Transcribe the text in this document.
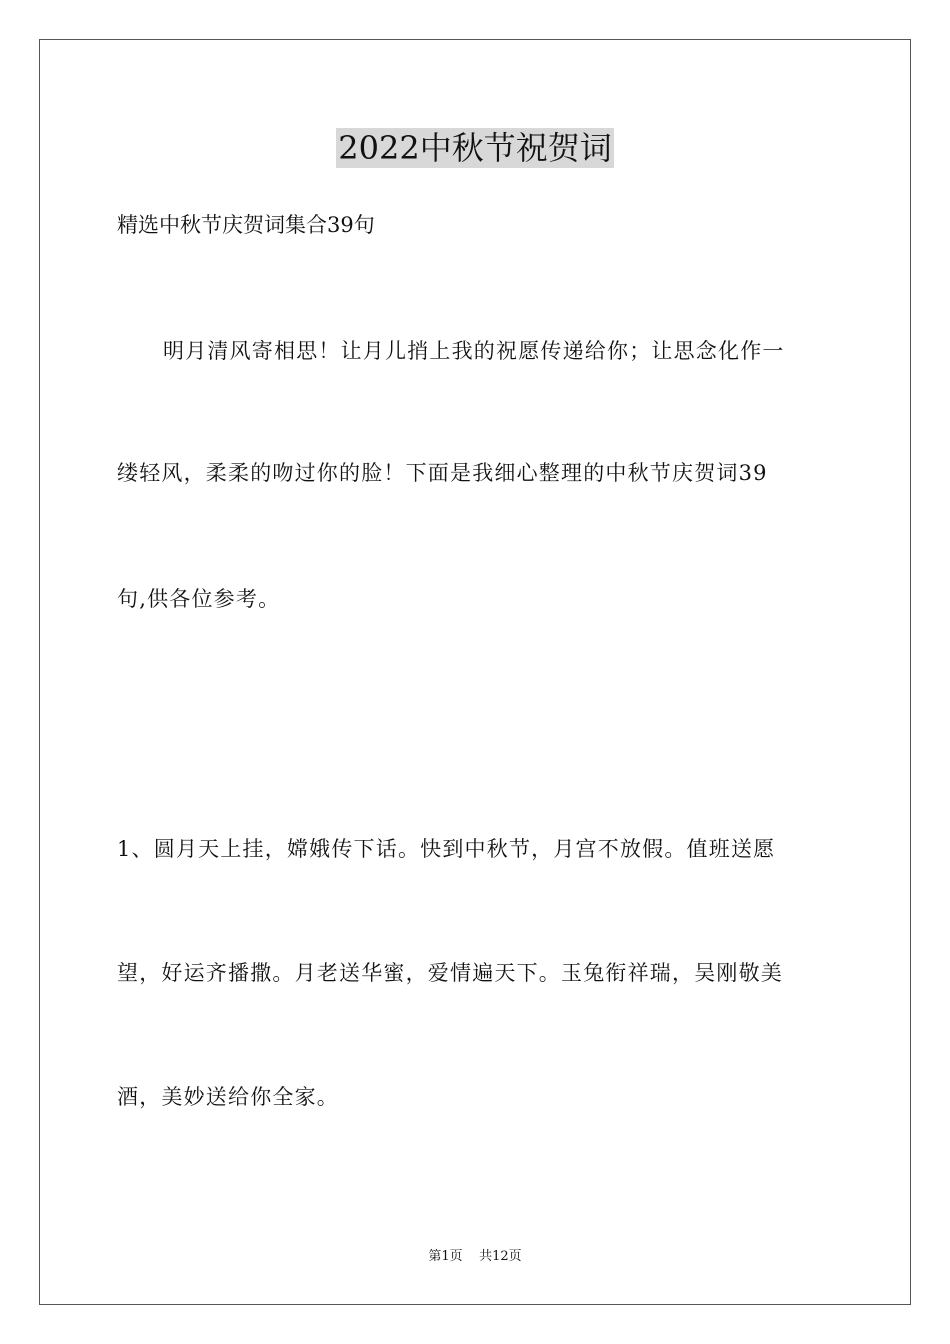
2022中秋节祝贺词
精选中秋节庆贺词集合39句
明月清风寄相思！让月儿捎上我的祝愿传递给你；让思念化作一
缕轻风，柔柔的吻过你的脸！下面是我细心整理的中秋节庆贺词39
句,供各位参考。
1、圆月天上挂，嫦娥传下话。快到中秋节，月宫不放假。值班送愿
望，好运齐播撒。月老送华蜜，爱情遍天下。玉兔衔祥瑞，吴刚敬美
酒，美妙送给你全家。
第1页 共12页
